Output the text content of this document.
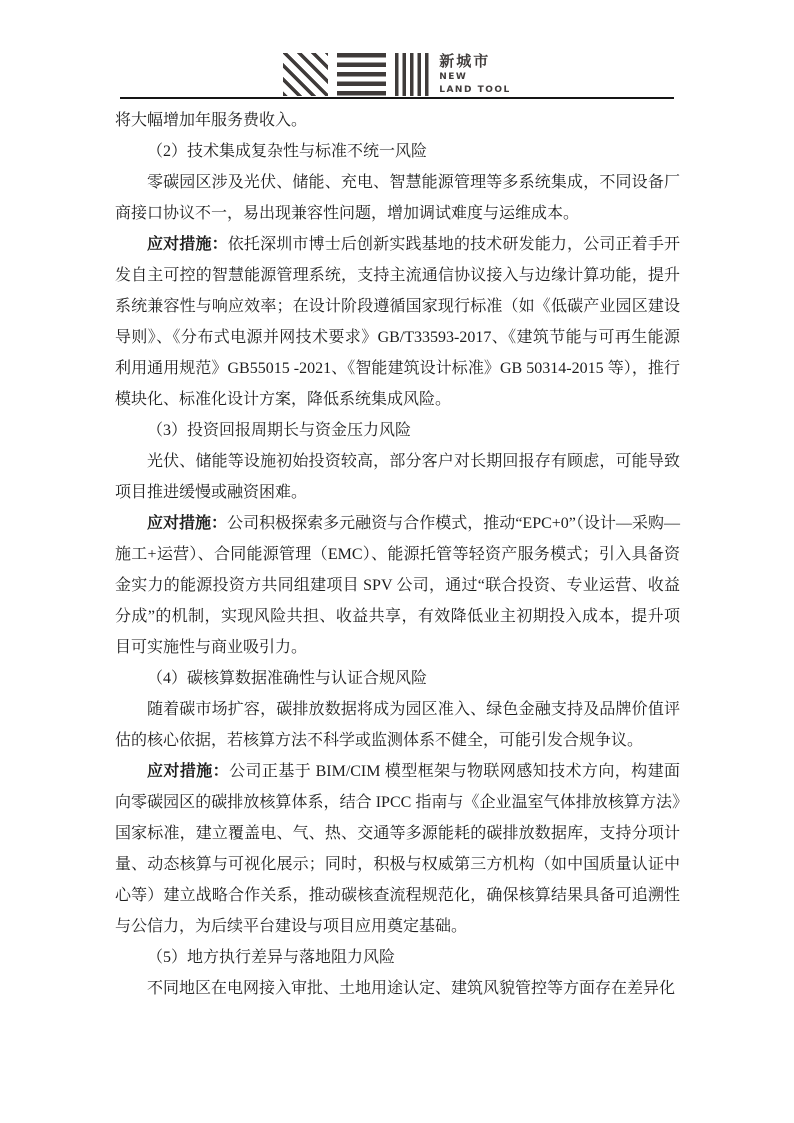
新城市
NEW
LAND TOOL

将大幅增加年服务费收入。

（2）技术集成复杂性与标准不统一风险

零碳园区涉及光伏、储能、充电、智慧能源管理等多系统集成，不同设备厂商接口协议不一，易出现兼容性问题，增加调试难度与运维成本。

应对措施：依托深圳市博士后创新实践基地的技术研发能力，公司正着手开发自主可控的智慧能源管理系统，支持主流通信协议接入与边缘计算功能，提升系统兼容性与响应效率；在设计阶段遵循国家现行标准（如《低碳产业园区建设导则》、《分布式电源并网技术要求》GB/T33593-2017、《建筑节能与可再生能源利用通用规范》GB55015 -2021、《智能建筑设计标准》GB 50314-2015 等），推行模块化、标准化设计方案，降低系统集成风险。

（3）投资回报周期长与资金压力风险

光伏、储能等设施初始投资较高，部分客户对长期回报存有顾虑，可能导致项目推进缓慢或融资困难。

应对措施：公司积极探索多元融资与合作模式，推动“EPC+0”（设计—采购—施工+运营）、合同能源管理（EMC）、能源托管等轻资产服务模式；引入具备资金实力的能源投资方共同组建项目 SPV 公司，通过“联合投资、专业运营、收益分成”的机制，实现风险共担、收益共享，有效降低业主初期投入成本，提升项目可实施性与商业吸引力。

（4）碳核算数据准确性与认证合规风险

随着碳市场扩容，碳排放数据将成为园区准入、绿色金融支持及品牌价值评估的核心依据，若核算方法不科学或监测体系不健全，可能引发合规争议。

应对措施：公司正基于 BIM/CIM 模型框架与物联网感知技术方向，构建面向零碳园区的碳排放核算体系，结合 IPCC 指南与《企业温室气体排放核算方法》国家标准，建立覆盖电、气、热、交通等多源能耗的碳排放数据库，支持分项计量、动态核算与可视化展示；同时，积极与权威第三方机构（如中国质量认证中心等）建立战略合作关系，推动碳核查流程规范化，确保核算结果具备可追溯性与公信力，为后续平台建设与项目应用奠定基础。

（5）地方执行差异与落地阻力风险

不同地区在电网接入审批、土地用途认定、建筑风貌管控等方面存在差异化
